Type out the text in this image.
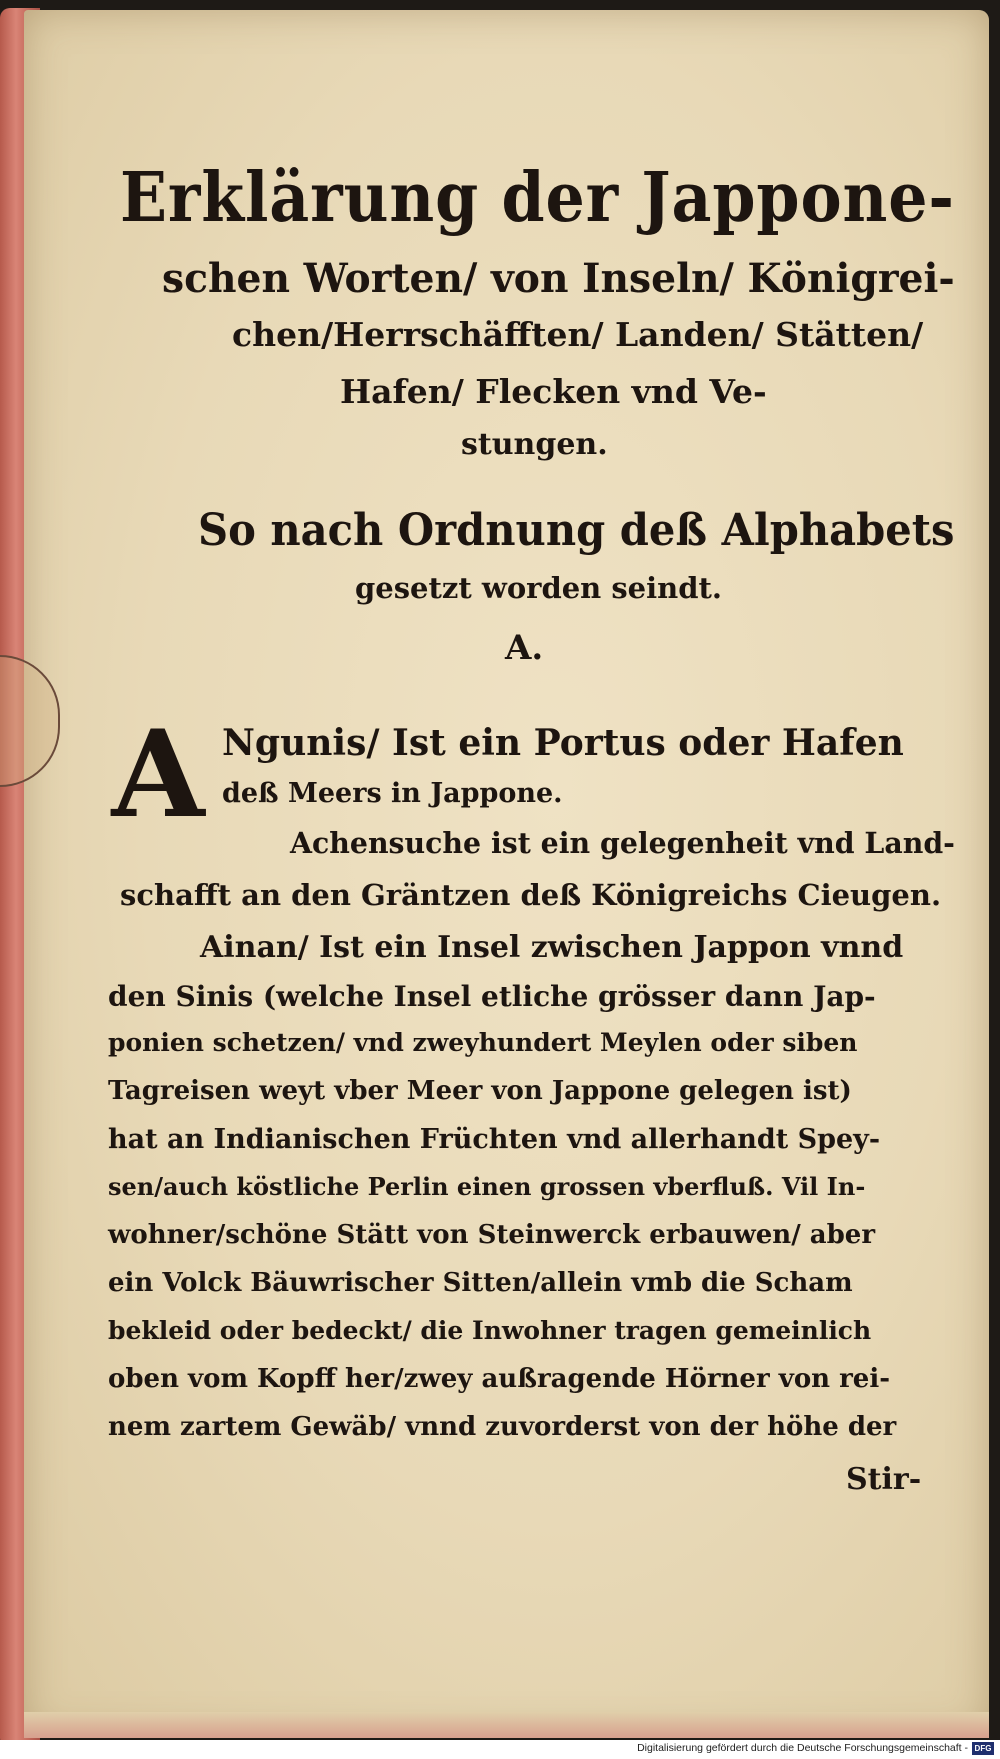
Erklärung der Jappone-
schen Worten/ von Inseln/ Königrei-
chen/Herrschäfften/ Landen/ Stätten/
Hafen/ Flecken vnd Ve-
stungen.
So nach Ordnung deß Alphabets
gesetzt worden seindt.
A.
A Ngunis/ Ist ein Portus oder Hafen
deß Meers in Jappone.
Achensuche ist ein gelegenheit vnd Land-
schafft an den Gräntzen deß Königreichs Cieugen.
Ainan/ Ist ein Insel zwischen Jappon vnnd
den Sinis (welche Insel etliche grösser dann Jap-
ponien schetzen/ vnd zweyhundert Meylen oder siben
Tagreisen weyt vber Meer von Jappone gelegen ist)
hat an Indianischen Früchten vnd allerhandt Spey-
sen/auch köstliche Perlin einen grossen vberfluß. Vil In-
wohner/schöne Stätt von Steinwerck erbauwen/ aber
ein Volck Bäuwrischer Sitten/allein vmb die Scham
bekleid oder bedeckt/ die Inwohner tragen gemeinlich
oben vom Kopff her/zwey außragende Hörner von rei-
nem zartem Gewäb/ vnnd zuvorderst von der höhe der
Stir-
Digitalisierung gefördert durch die Deutsche Forschungsgemeinschaft - DFG
